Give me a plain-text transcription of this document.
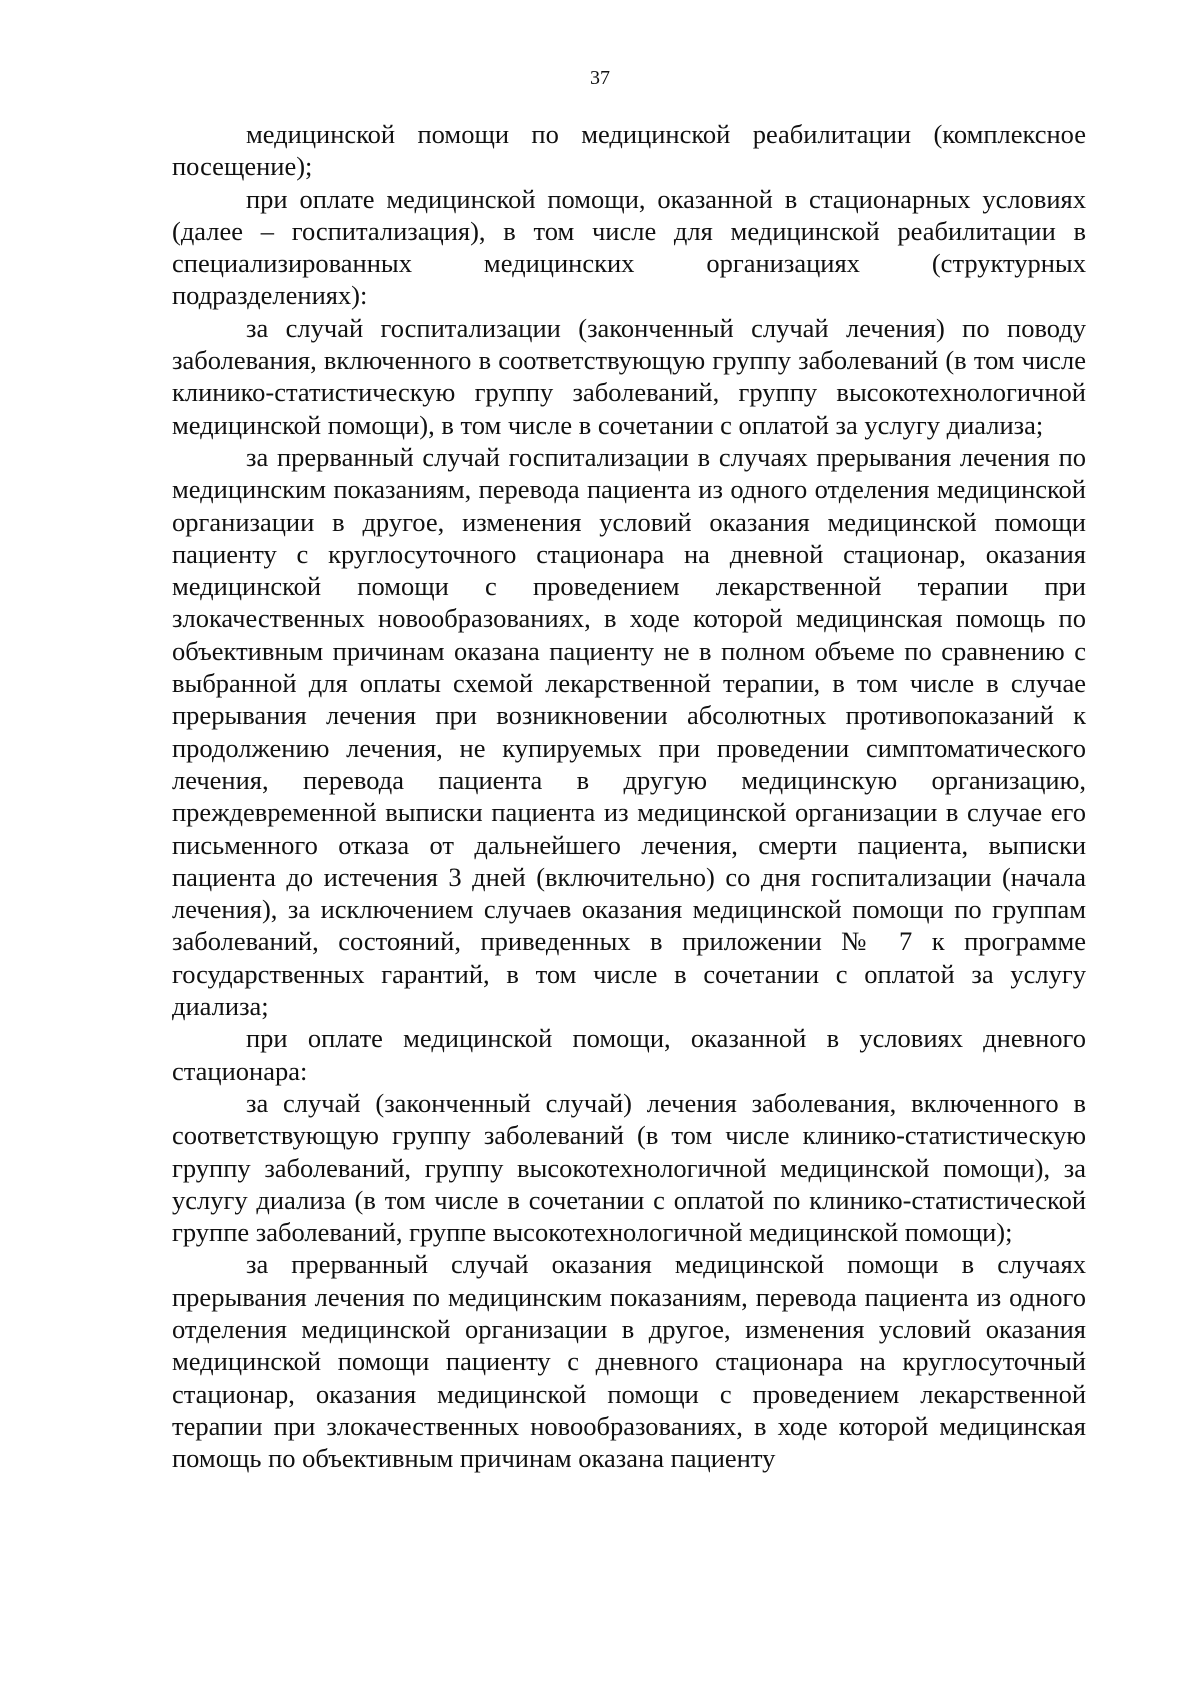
37

медицинской помощи по медицинской реабилитации (комплексное посещение);

при оплате медицинской помощи, оказанной в стационарных условиях (далее – госпитализация), в том числе для медицинской реабилитации в специализированных медицинских организациях (структурных подразделениях):

за случай госпитализации (законченный случай лечения) по поводу заболевания, включенного в соответствующую группу заболеваний (в том числе клинико-статистическую группу заболеваний, группу высокотехнологичной медицинской помощи), в том числе в сочетании с оплатой за услугу диализа;

за прерванный случай госпитализации в случаях прерывания лечения по медицинским показаниям, перевода пациента из одного отделения медицинской организации в другое, изменения условий оказания медицинской помощи пациенту с круглосуточного стационара на дневной стационар, оказания медицинской помощи с проведением лекарственной терапии при злокачественных новообразованиях, в ходе которой медицинская помощь по объективным причинам оказана пациенту не в полном объеме по сравнению с выбранной для оплаты схемой лекарственной терапии, в том числе в случае прерывания лечения при возникновении абсолютных противопоказаний к продолжению лечения, не купируемых при проведении симптоматического лечения, перевода пациента в другую медицинскую организацию, преждевременной выписки пациента из медицинской организации в случае его письменного отказа от дальнейшего лечения, смерти пациента, выписки пациента до истечения 3 дней (включительно) со дня госпитализации (начала лечения), за исключением случаев оказания медицинской помощи по группам заболеваний, состояний, приведенных в приложении № 7 к программе государственных гарантий, в том числе в сочетании с оплатой за услугу диализа;

при оплате медицинской помощи, оказанной в условиях дневного стационара:

за случай (законченный случай) лечения заболевания, включенного в соответствующую группу заболеваний (в том числе клинико-статистическую группу заболеваний, группу высокотехнологичной медицинской помощи), за услугу диализа (в том числе в сочетании с оплатой по клинико-статистической группе заболеваний, группе высокотехнологичной медицинской помощи);

за прерванный случай оказания медицинской помощи в случаях прерывания лечения по медицинским показаниям, перевода пациента из одного отделения медицинской организации в другое, изменения условий оказания медицинской помощи пациенту с дневного стационара на круглосуточный стационар, оказания медицинской помощи с проведением лекарственной терапии при злокачественных новообразованиях, в ходе которой медицинская помощь по объективным причинам оказана пациенту
